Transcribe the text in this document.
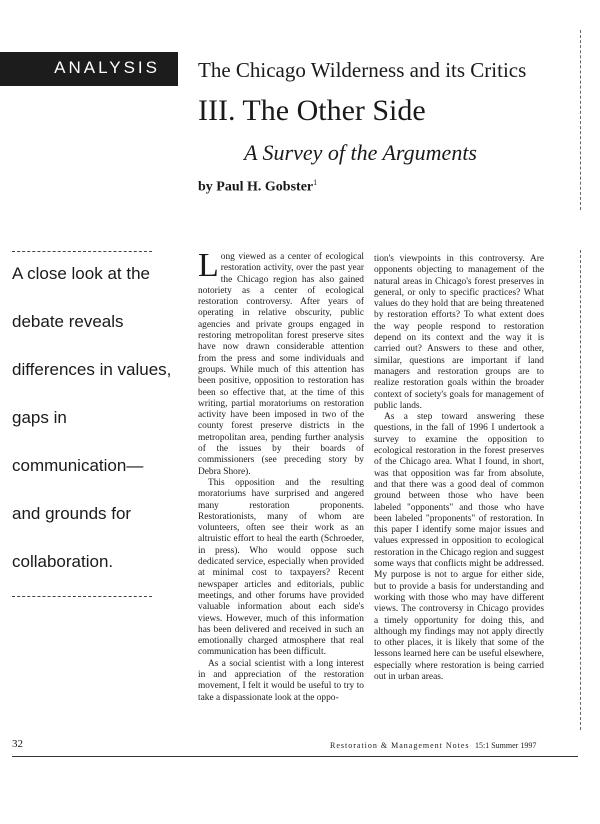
ANALYSIS The Chicago Wilderness and its Critics
III. The Other Side
A Survey of the Arguments
by Paul H. Gobster$^1$
A close look at the
debate reveals
differences in values,
gaps in
communication—
and grounds for
collaboration.

Long viewed as a center of ecological restoration activity, over the past year the Chicago region has also gained notoriety as a center of ecological restoration controversy. After years of operating in relative obscurity, public agencies and private groups engaged in restoring metropolitan forest preserve sites have now drawn considerable attention from the press and some individuals and groups. While much of this attention has been positive, opposition to restoration has been so effective that, at the time of this writing, partial moratoriums on restoration activity have been imposed in two of the county forest preserve districts in the metropolitan area, pending further analysis of the issues by their boards of commissioners (see preceding story by Debra Shore).

This opposition and the resulting moratoriums have surprised and angered many restoration proponents. Restorationists, many of whom are volunteers, often see their work as an altruistic effort to heal the earth (Schroeder, in press). Who would oppose such dedicated service, especially when provided at minimal cost to taxpayers? Recent newspaper articles and editorials, public meetings, and other forums have provided valuable information about each side's views. However, much of this information has been delivered and received in such an emotionally charged atmosphere that real communication has been difficult.

As a social scientist with a long interest in and appreciation of the restoration movement, I felt it would be useful to try to take a dispassionate look at the oppo-

tion's viewpoints in this controversy. Are opponents objecting to management of the natural areas in Chicago's forest preserves in general, or only to specific practices? What values do they hold that are being threatened by restoration efforts? To what extent does the way people respond to restoration depend on its context and the way it is carried out? Answers to these and other, similar, questions are important if land managers and restoration groups are to realize restoration goals within the broader context of society's goals for management of public lands.

As a step toward answering these questions, in the fall of 1996 I undertook a survey to examine the opposition to ecological restoration in the forest preserves of the Chicago area. What I found, in short, was that opposition was far from absolute, and that there was a good deal of common ground between those who have been labeled "opponents" and those who have been labeled "proponents" of restoration. In this paper I identify some major issues and values expressed in opposition to ecological restoration in the Chicago region and suggest some ways that conflicts might be addressed. My purpose is not to argue for either side, but to provide a basis for understanding and working with those who may have different views. The controversy in Chicago provides a timely opportunity for doing this, and although my findings may not apply directly to other places, it is likely that some of the lessons learned here can be useful elsewhere, especially where restoration is being carried out in urban areas.

32	Restoration & Management Notes 15:1 Summer 1997
